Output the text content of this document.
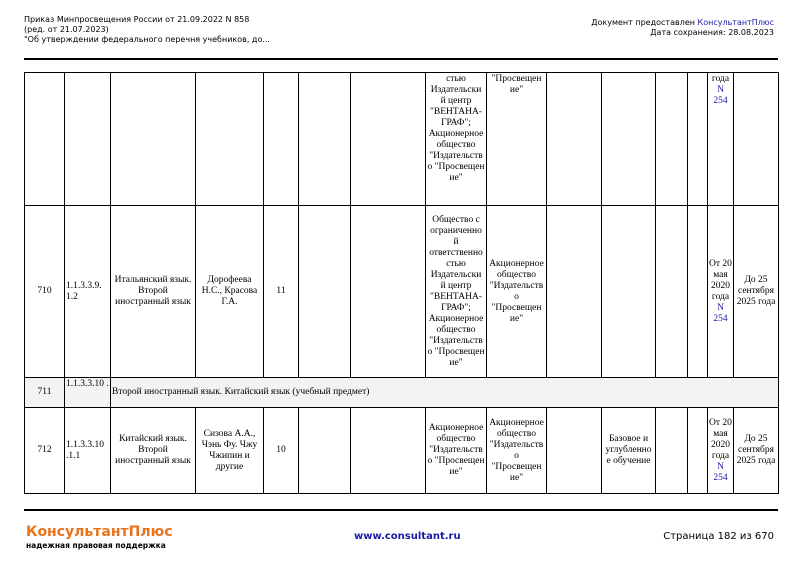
Приказ Минпросвещения России от 21.09.2022 N 858
(ред. от 21.07.2023)
"Об утверждении федерального перечня учебников, до...
Документ предоставлен КонсультантПлюс
Дата сохранения: 28.08.2023
							стью Издательски й центр "ВЕНТАНА-ГРАФ"; Акционерное общество "Издательств о "Просвещен ие"	"Просвещен ие"					года N 254	
710	1.1.3.3.9. 1.2	Итальянский язык. Второй иностранный язык	Дорофеева Н.С., Красова Г.А.	11			Общество с ограниченно й ответственно стью Издательски й центр "ВЕНТАНА-ГРАФ"; Акционерное общество "Издательств о "Просвещен ие"	Акционерное общество "Издательств о "Просвещен ие"					От 20 мая 2020 года N 254	До 25 сентября 2025 года
711	1.1.3.3.10 .	Второй иностранный язык. Китайский язык (учебный предмет)												
712	1.1.3.3.10 .1.1	Китайский язык. Второй иностранный язык	Сизова А.А., Чэнь Фу. Чжу Чжипин и другие	10			Акционерное общество "Издательств о "Просвещен ие"	Акционерное общество "Издательств о "Просвещен ие"		Базовое и углубленно е обучение			От 20 мая 2020 года N 254	До 25 сентября 2025 года
КонсультантПлюс
надежная правовая поддержка
www.consultant.ru	Страница 182 из 670
